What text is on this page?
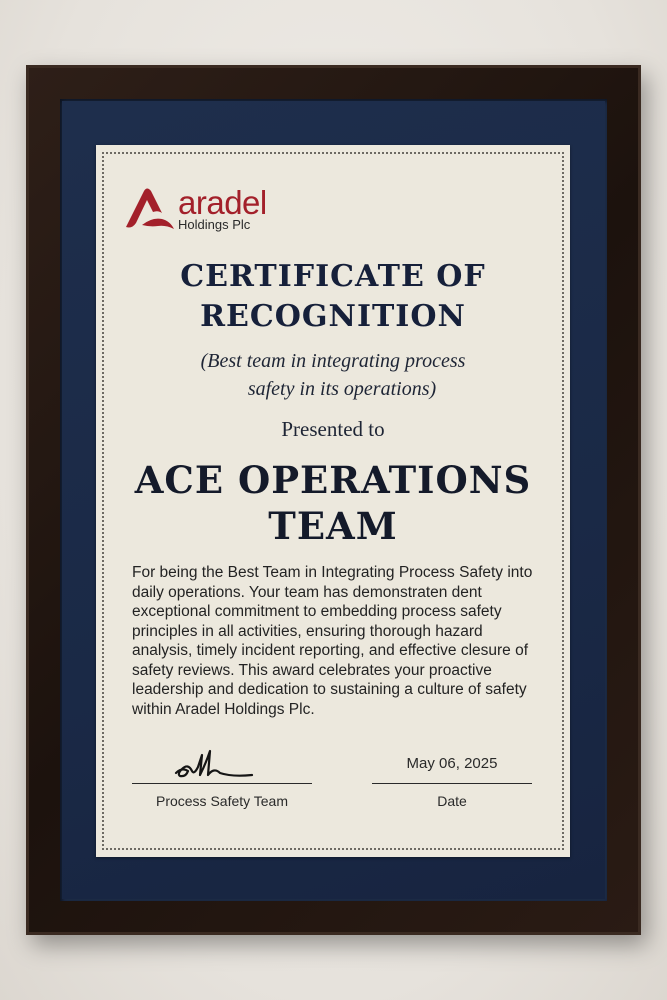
aradel
Holdings Plc
CERTIFICATE OF
RECOGNITION
(Best team in integrating process
safety in its operations)
Presented to
ACE OPERATIONS
TEAM
For being the Best Team in Integrating Process Safety into daily operations. Your team has demonstraten dent exceptional commitment to embedding process safety principles in all activities, ensuring thorough hazard analysis, timely incident reporting, and effective clesure of safety reviews. This award celebrates your proactive leadership and dedication to sustaining a culture of safety within Aradel Holdings Plc.
Process Safety Team
May 06, 2025
Date
